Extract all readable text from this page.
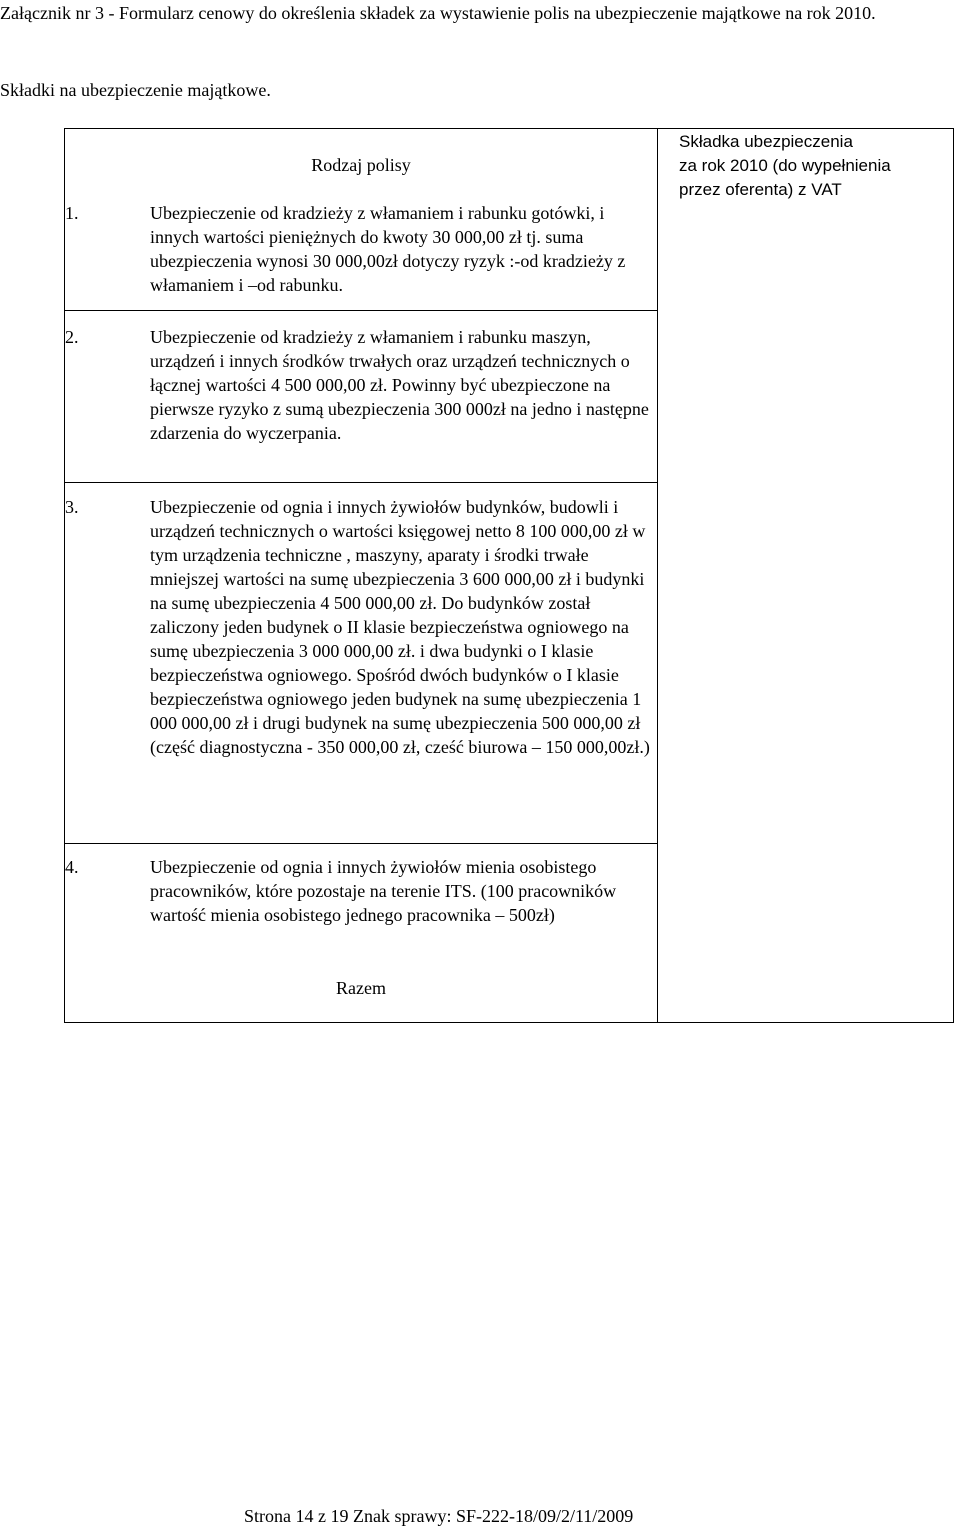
Załącznik nr 3 - Formularz cenowy do określenia składek za wystawienie polis na ubezpieczenie majątkowe na rok 2010.
Składki na ubezpieczenie majątkowe.
Rodzaj polisy
Składka ubezpieczenia
za rok 2010 (do wypełnienia
przez oferenta) z VAT
1.	Ubezpieczenie od kradzieży z włamaniem i rabunku gotówki, i innych wartości pieniężnych do kwoty 30 000,00 zł tj. suma ubezpieczenia wynosi 30 000,00zł dotyczy ryzyk :-od kradzieży z włamaniem i –od rabunku.
2.	Ubezpieczenie od kradzieży z włamaniem i rabunku maszyn, urządzeń i innych środków trwałych oraz urządzeń technicznych o łącznej wartości 4 500 000,00 zł. Powinny być ubezpieczone na pierwsze ryzyko z sumą ubezpieczenia 300 000zł na jedno i następne zdarzenia do wyczerpania.
3.	Ubezpieczenie od ognia i innych żywiołów budynków, budowli i urządzeń technicznych o wartości księgowej netto 8 100 000,00 zł w tym urządzenia techniczne , maszyny, aparaty i środki trwałe mniejszej wartości na sumę ubezpieczenia 3 600 000,00 zł i budynki na sumę ubezpieczenia 4 500 000,00 zł. Do budynków został zaliczony jeden budynek o II klasie bezpieczeństwa ogniowego na sumę ubezpieczenia 3 000 000,00 zł. i dwa budynki o I klasie bezpieczeństwa ogniowego. Spośród dwóch budynków o I klasie bezpieczeństwa ogniowego jeden budynek na sumę ubezpieczenia 1 000 000,00 zł i drugi budynek na sumę ubezpieczenia 500 000,00 zł (część diagnostyczna - 350 000,00 zł, cześć biurowa – 150 000,00zł.)
4.	Ubezpieczenie od ognia i innych żywiołów mienia osobistego pracowników, które pozostaje na terenie ITS. (100 pracowników wartość mienia osobistego jednego pracownika – 500zł)
Razem
Strona 14 z 19 Znak sprawy: SF-222-18/09/2/11/2009
